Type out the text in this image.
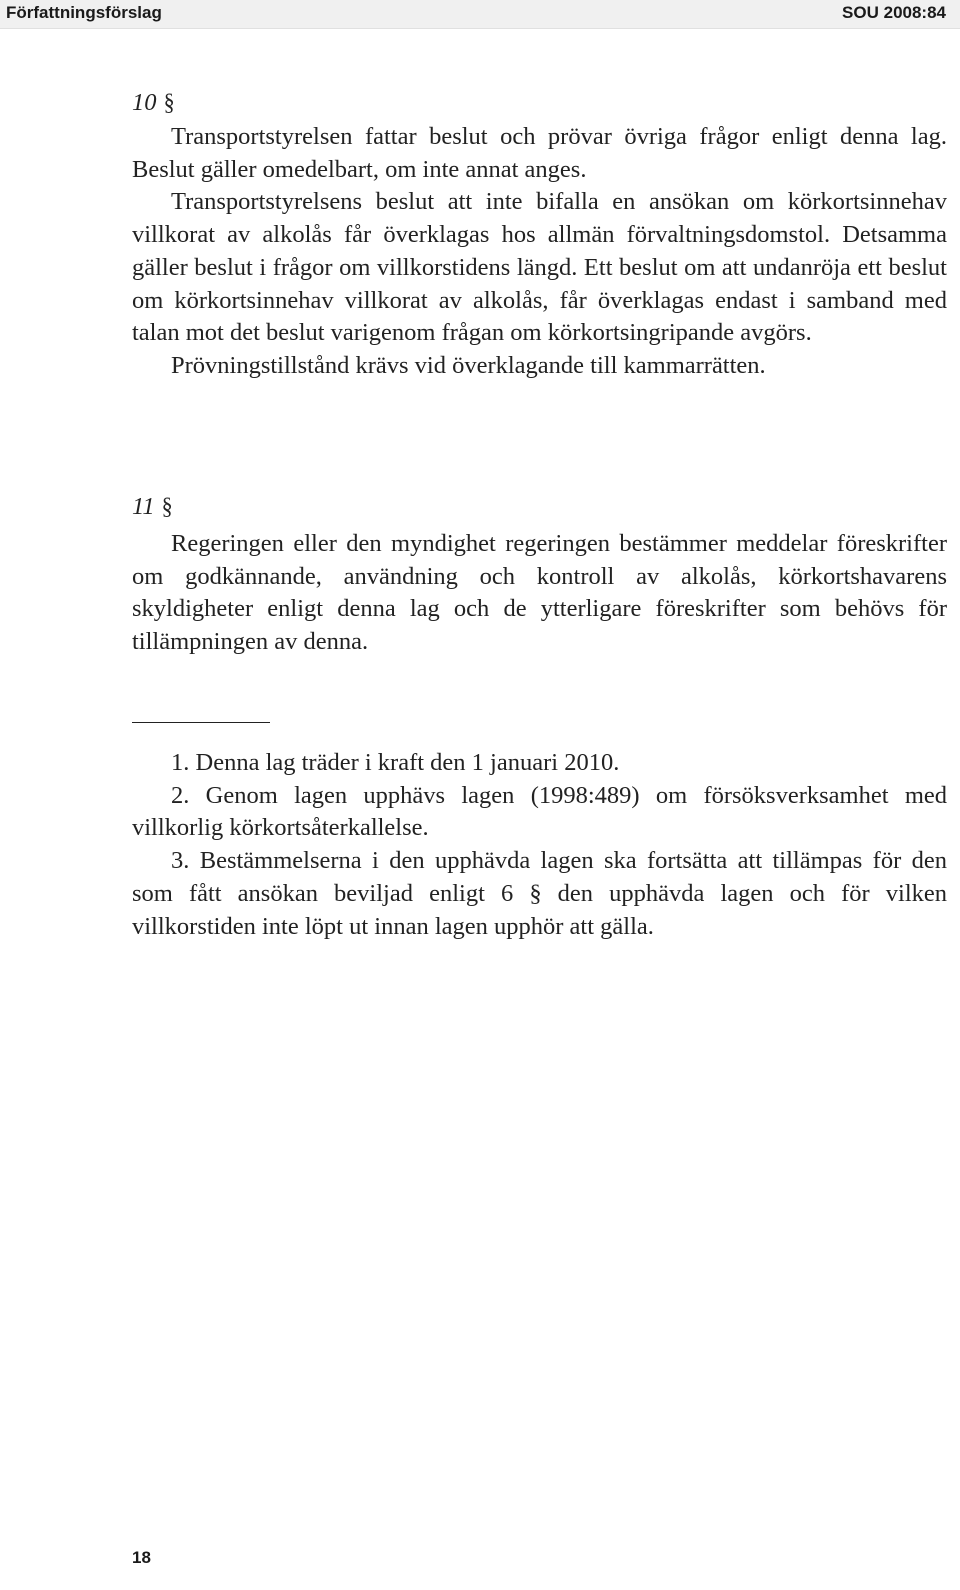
Författningsförslag	SOU 2008:84
10 §

Transportstyrelsen fattar beslut och prövar övriga frågor enligt denna lag. Beslut gäller omedelbart, om inte annat anges.

Transportstyrelsens beslut att inte bifalla en ansökan om körkortsinnehav villkorat av alkolås får överklagas hos allmän förvaltningsdomstol. Detsamma gäller beslut i frågor om villkorstidens längd. Ett beslut om att undanröja ett beslut om körkortsinnehav villkorat av alkolås, får överklagas endast i samband med talan mot det beslut varigenom frågan om körkortsingripande avgörs.

Prövningstillstånd krävs vid överklagande till kammarrätten.

11 §

Regeringen eller den myndighet regeringen bestämmer meddelar föreskrifter om godkännande, användning och kontroll av alkolås, körkortshavarens skyldigheter enligt denna lag och de ytterligare föreskrifter som behövs för tillämpningen av denna.

1. Denna lag träder i kraft den 1 januari 2010.

2. Genom lagen upphävs lagen (1998:489) om försöksverksamhet med villkorlig körkortsåterkallelse.

3. Bestämmelserna i den upphävda lagen ska fortsätta att tillämpas för den som fått ansökan beviljad enligt 6 § den upphävda lagen och för vilken villkorstiden inte löpt ut innan lagen upphör att gälla.

18
